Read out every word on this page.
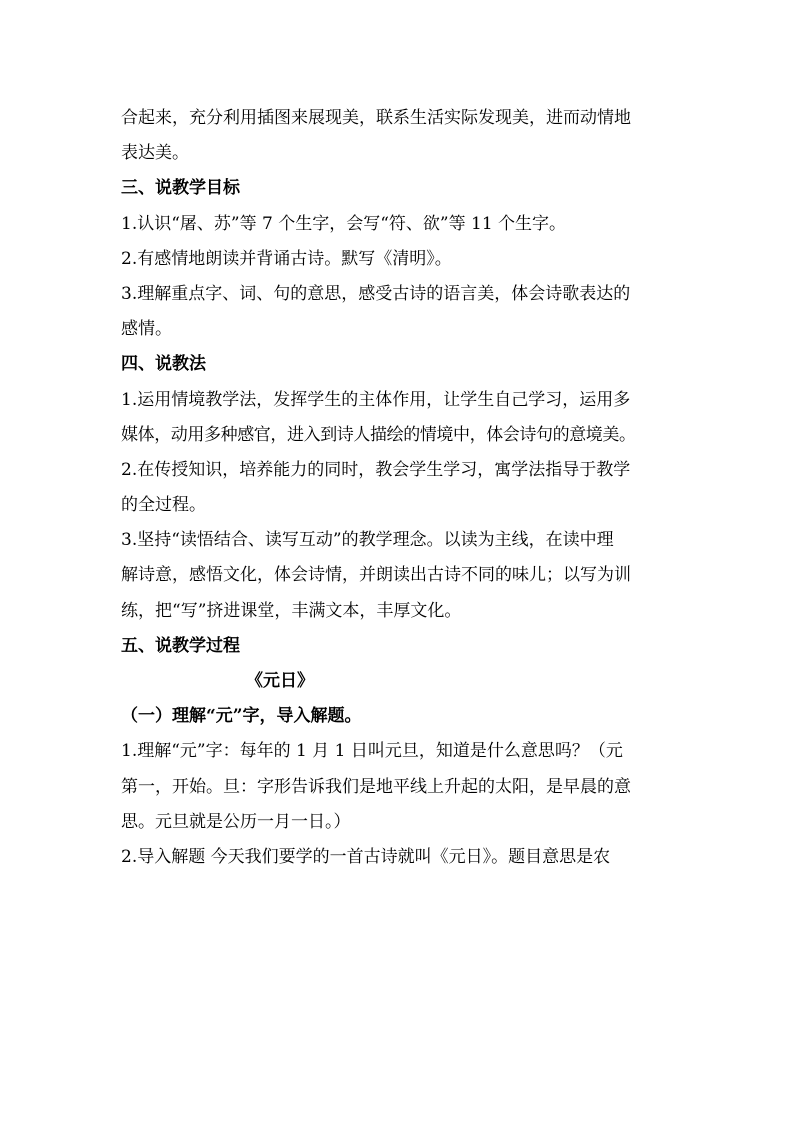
合起来，充分利用插图来展现美，联系生活实际发现美，进而动情地
表达美。
三、说教学目标
1.认识“屠、苏”等 7 个生字，会写“符、欲”等 11 个生字。
2.有感情地朗读并背诵古诗。默写《清明》。
3.理解重点字、词、句的意思，感受古诗的语言美，体会诗歌表达的
感情。
四、说教法
1.运用情境教学法，发挥学生的主体作用，让学生自己学习，运用多
媒体，动用多种感官，进入到诗人描绘的情境中，体会诗句的意境美。
2.在传授知识，培养能力的同时，教会学生学习，寓学法指导于教学
的全过程。
3.坚持“读悟结合、读写互动”的教学理念。以读为主线，在读中理
解诗意，感悟文化，体会诗情，并朗读出古诗不同的味儿；以写为训
练，把“写”挤进课堂，丰满文本，丰厚文化。
五、说教学过程
《元日》
（一）理解“元”字，导入解题。
1.理解“元”字：每年的 1 月 1 日叫元旦，知道是什么意思吗？（元
第一，开始。旦：字形告诉我们是地平线上升起的太阳，是早晨的意
思。元旦就是公历一月一日。）
2.导入解题 今天我们要学的一首古诗就叫《元日》。题目意思是农
